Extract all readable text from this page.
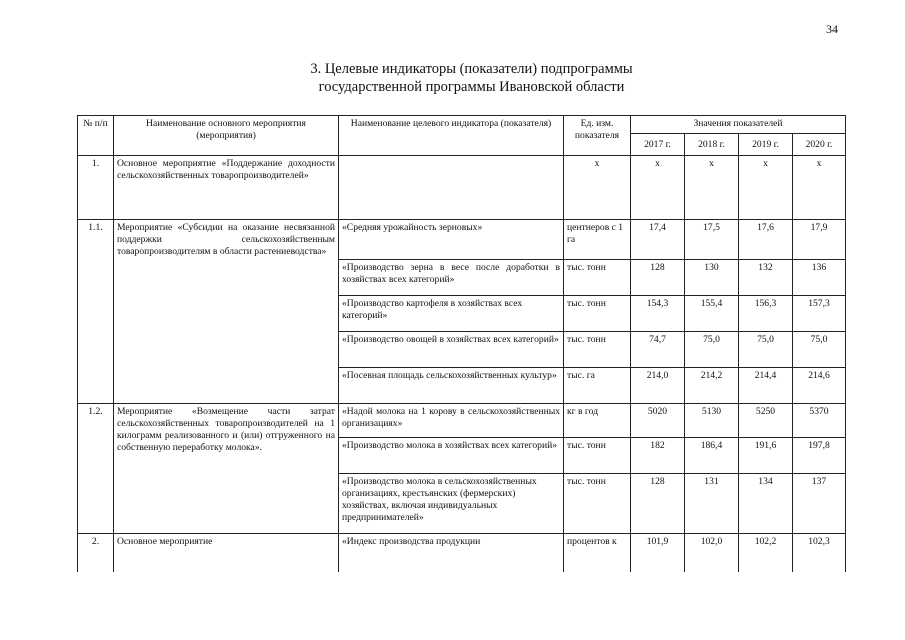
34
3. Целевые индикаторы (показатели) подпрограммы
государственной программы Ивановской области
№ п/п	Наименование основного мероприятия (мероприятия)	Наименование целевого индикатора (показателя)	Ед. изм. показателя	Значения показателей			
				2017 г.	2018 г.	2019 г.	2020 г.
1.	Основное мероприятие «Поддержание доходности сельскохозяйственных товаропроизводителей»		x	x	x	x	x
1.1.	Мероприятие «Субсидии на оказание несвязанной поддержки сельскохозяйственным товаропроизводителям в области растениеводства»	«Средняя урожайность зерновых»	центнеров с 1 га	17,4	17,5	17,6	17,9
		«Производство зерна в весе после доработки в хозяйствах всех категорий»	тыс. тонн	128	130	132	136
		«Производство картофеля в хозяйствах всех категорий»	тыс. тонн	154,3	155,4	156,3	157,3
		«Производство овощей в хозяйствах всех категорий»	тыс. тонн	74,7	75,0	75,0	75,0
		«Посевная площадь сельскохозяйственных культур»	тыс. га	214,0	214,2	214,4	214,6
1.2.	Мероприятие «Возмещение части затрат сельскохозяйственных товаропроизводителей на 1 килограмм реализованного и (или) отгруженного на собственную переработку молока».	«Надой молока на 1 корову в сельскохозяйственных организациях»	кг в год	5020	5130	5250	5370
		«Производство молока в хозяйствах всех категорий»	тыс. тонн	182	186,4	191,6	197,8
		«Производство молока в сельскохозяйственных организациях, крестьянских (фермерских) хозяйствах, включая индивидуальных предпринимателей»	тыс. тонн	128	131	134	137
2.	Основное мероприятие	«Индекс производства продукции	процентов к	101,9	102,0	102,2	102,3
